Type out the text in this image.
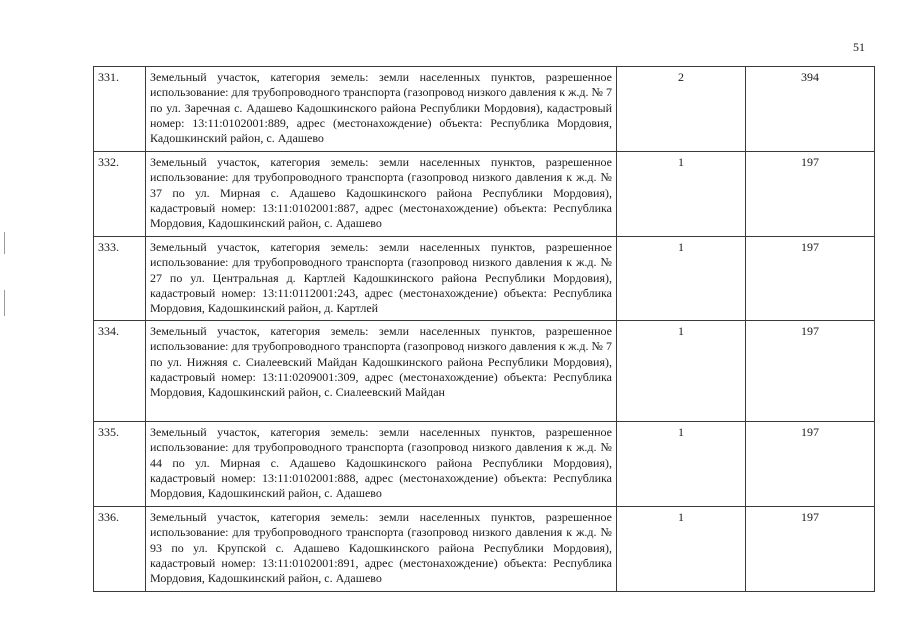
51
331.	Земельный участок, категория земель: земли населенных пунктов, разрешенное использование: для трубопроводного транспорта (газопровод низкого давления к ж.д. № 7 по ул. Заречная с. Адашево Кадошкинского района Республики Мордовия), кадастровый номер: 13:11:0102001:889, адрес (местонахождение) объекта: Республика Мордовия, Кадошкинский район, с. Адашево	2	394
332.	Земельный участок, категория земель: земли населенных пунктов, разрешенное использование: для трубопроводного транспорта (газопровод низкого давления к ж.д. № 37 по ул. Мирная с. Адашево Кадошкинского района Республики Мордовия), кадастровый номер: 13:11:0102001:887, адрес (местонахождение) объекта: Республика Мордовия, Кадошкинский район, с. Адашево	1	197
333.	Земельный участок, категория земель: земли населенных пунктов, разрешенное использование: для трубопроводного транспорта (газопровод низкого давления к ж.д. № 27 по ул. Центральная д. Картлей Кадошкинского района Республики Мордовия), кадастровый номер: 13:11:0112001:243, адрес (местонахождение) объекта: Республика Мордовия, Кадошкинский район, д. Картлей	1	197
334.	Земельный участок, категория земель: земли населенных пунктов, разрешенное использование: для трубопроводного транспорта (газопровод низкого давления к ж.д. № 7 по ул. Нижняя с. Сиалеевский Майдан Кадошкинского района Республики Мордовия), кадастровый номер: 13:11:0209001:309, адрес (местонахождение) объекта: Республика Мордовия, Кадошкинский район, с. Сиалеевский Майдан	1	197
335.	Земельный участок, категория земель: земли населенных пунктов, разрешенное использование: для трубопроводного транспорта (газопровод низкого давления к ж.д. № 44 по ул. Мирная с. Адашево Кадошкинского района Республики Мордовия), кадастровый номер: 13:11:0102001:888, адрес (местонахождение) объекта: Республика Мордовия, Кадошкинский район, с. Адашево	1	197
336.	Земельный участок, категория земель: земли населенных пунктов, разрешенное использование: для трубопроводного транспорта (газопровод низкого давления к ж.д. № 93 по ул. Крупской с. Адашево Кадошкинского района Республики Мордовия), кадастровый номер: 13:11:0102001:891, адрес (местонахождение) объекта: Республика Мордовия, Кадошкинский район, с. Адашево	1	197
